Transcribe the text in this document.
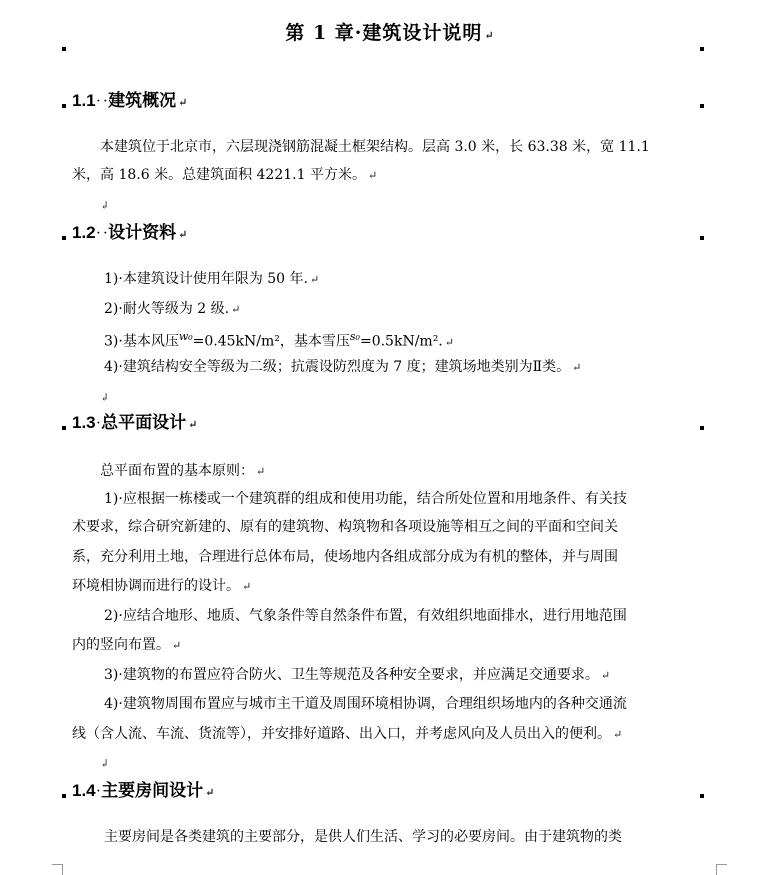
第 1 章·建筑设计说明 ↵
1.1· ·建筑概况 ↵
本建筑位于北京市，六层现浇钢筋混凝土框架结构。层高 3.0 米，长 63.38 米，宽 11.1
米，高 18.6 米。总建筑面积 4221.1 平方米。 ↵
↲
1.2· ·设计资料 ↵
1)·本建筑设计使用年限为 50 年. ↵
2)·耐火等级为 2 级. ↵
3)·基本风压$^{w_0}$=0.45kN/m²，基本雪压$^{s_0}$=0.5kN/m². ↵
4)·建筑结构安全等级为二级；抗震设防烈度为 7 度；建筑场地类别为Ⅱ类。 ↵
↲
1.3·总平面设计 ↵
总平面布置的基本原则： ↵
1)·应根据一栋楼或一个建筑群的组成和使用功能，结合所处位置和用地条件、有关技
术要求，综合研究新建的、原有的建筑物、构筑物和各项设施等相互之间的平面和空间关
系，充分利用土地，合理进行总体布局，使场地内各组成部分成为有机的整体，并与周围
环境相协调而进行的设计。 ↵
2)·应结合地形、地质、气象条件等自然条件布置，有效组织地面排水，进行用地范围
内的竖向布置。 ↵
3)·建筑物的布置应符合防火、卫生等规范及各种安全要求，并应满足交通要求。 ↵
4)·建筑物周围布置应与城市主干道及周围环境相协调，合理组织场地内的各种交通流
线（含人流、车流、货流等），并安排好道路、出入口，并考虑风向及人员出入的便利。 ↵
↲
1.4·主要房间设计 ↵
主要房间是各类建筑的主要部分，是供人们生活、学习的必要房间。由于建筑物的类
